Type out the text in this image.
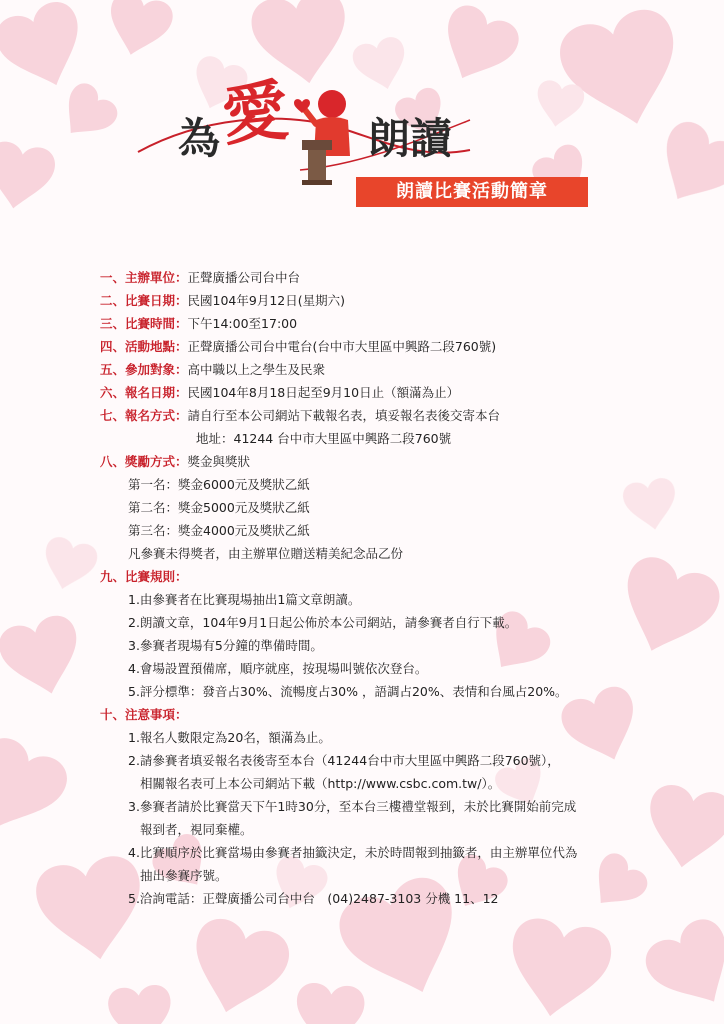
為
愛 朗讀
朗讀比賽活動簡章
一、主辦單位：正聲廣播公司台中台
二、比賽日期：民國104年9月12日(星期六)
三、比賽時間：下午14:00至17:00
四、活動地點：正聲廣播公司台中電台(台中市大里區中興路二段760號)
五、參加對象：高中職以上之學生及民衆
六、報名日期：民國104年8月18日起至9月10日止（額滿為止）
七、報名方式：請自行至本公司網站下載報名表，填妥報名表後交寄本台
地址：41244 台中市大里區中興路二段760號
八、獎勵方式：獎金與獎狀
第一名：獎金6000元及獎狀乙紙
第二名：獎金5000元及獎狀乙紙
第三名：獎金4000元及獎狀乙紙
凡參賽未得獎者，由主辦單位贈送精美紀念品乙份
九、比賽規則：
1.由參賽者在比賽現場抽出1篇文章朗讀。
2.朗讀文章，104年9月1日起公佈於本公司網站，請參賽者自行下載。
3.參賽者現場有5分鐘的準備時間。
4.會場設置預備席，順序就座，按現場叫號依次登台。
5.評分標準：發音占30%、流暢度占30% ，語調占20%、表情和台風占20%。
十、注意事項：
1.報名人數限定為20名，額滿為止。
2.請參賽者填妥報名表後寄至本台（41244台中市大里區中興路二段760號），
相關報名表可上本公司網站下載（http://www.csbc.com.tw/）。
3.參賽者請於比賽當天下午1時30分，至本台三樓禮堂報到，未於比賽開始前完成
報到者，視同棄權。
4.比賽順序於比賽當場由參賽者抽籤決定，未於時間報到抽籤者，由主辦單位代為
抽出參賽序號。
5.洽詢電話：正聲廣播公司台中台　(04)2487-3103 分機 11、12
